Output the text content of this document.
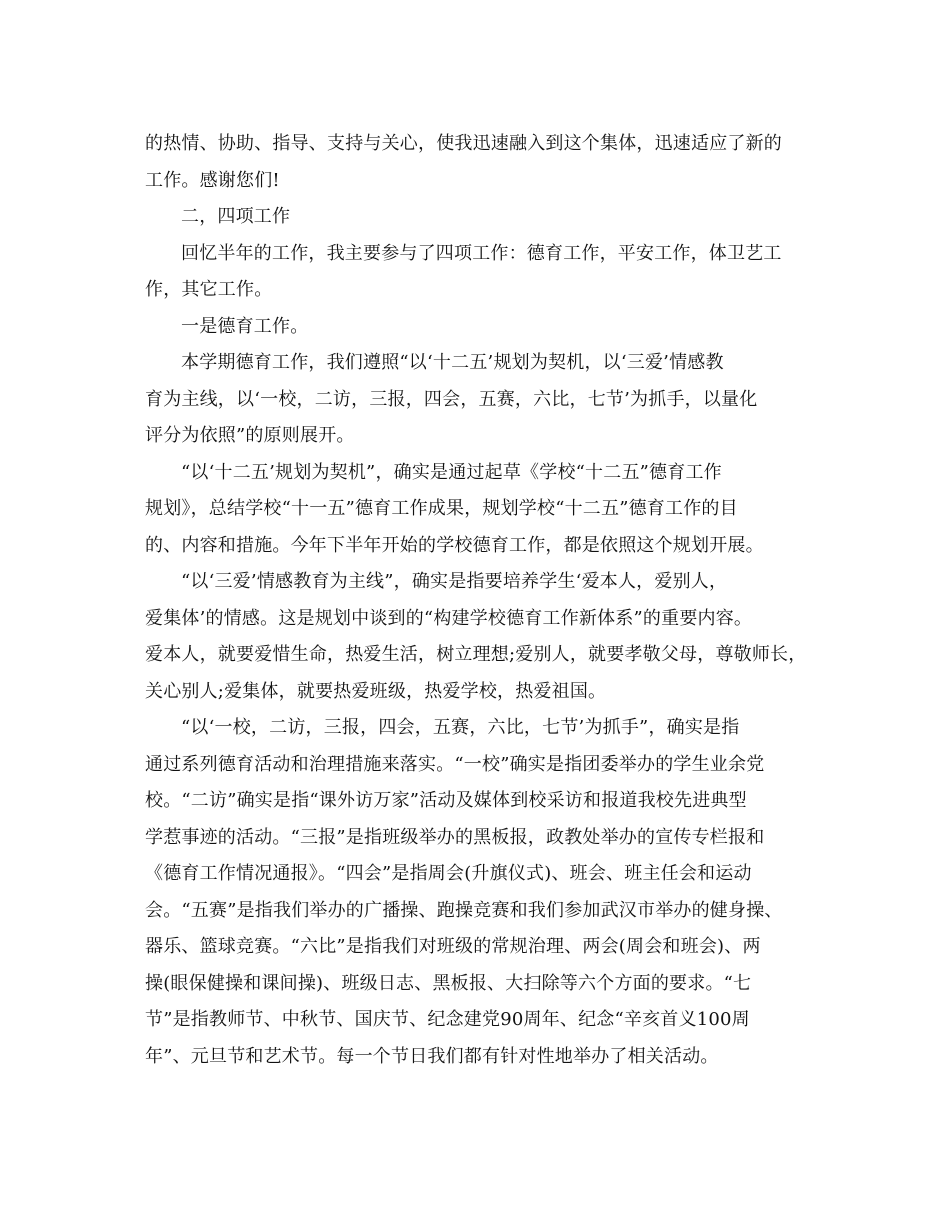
的热情、协助、指导、支持与关心，使我迅速融入到这个集体，迅速适应了新的
工作。感谢您们!
二，四项工作
回忆半年的工作，我主要参与了四项工作：德育工作，平安工作，体卫艺工
作，其它工作。
一是德育工作。
本学期德育工作，我们遵照“以‘十二五’规划为契机，以‘三爱’情感教
育为主线，以‘一校，二访，三报，四会，五赛，六比，七节’为抓手，以量化
评分为依照”的原则展开。
“以‘十二五’规划为契机”，确实是通过起草《学校“十二五”德育工作
规划》，总结学校“十一五”德育工作成果，规划学校“十二五”德育工作的目
的、内容和措施。今年下半年开始的学校德育工作，都是依照这个规划开展。
“以‘三爱’情感教育为主线”，确实是指要培养学生‘爱本人，爱别人，
爱集体’的情感。这是规划中谈到的“构建学校德育工作新体系”的重要内容。
爱本人，就要爱惜生命，热爱生活，树立理想;爱别人，就要孝敬父母，尊敬师长，
关心别人;爱集体，就要热爱班级，热爱学校，热爱祖国。
“以‘一校，二访，三报，四会，五赛，六比，七节’为抓手”，确实是指
通过系列德育活动和治理措施来落实。“一校”确实是指团委举办的学生业余党
校。“二访”确实是指“课外访万家”活动及媒体到校采访和报道我校先进典型
学惹事迹的活动。“三报”是指班级举办的黑板报，政教处举办的宣传专栏报和
《德育工作情况通报》。“四会”是指周会(升旗仪式)、班会、班主任会和运动
会。“五赛”是指我们举办的广播操、跑操竞赛和我们参加武汉市举办的健身操、
器乐、篮球竞赛。“六比”是指我们对班级的常规治理、两会(周会和班会)、两
操(眼保健操和课间操)、班级日志、黑板报、大扫除等六个方面的要求。“七
节”是指教师节、中秋节、国庆节、纪念建党90周年、纪念“辛亥首义100周
年”、元旦节和艺术节。每一个节日我们都有针对性地举办了相关活动。
